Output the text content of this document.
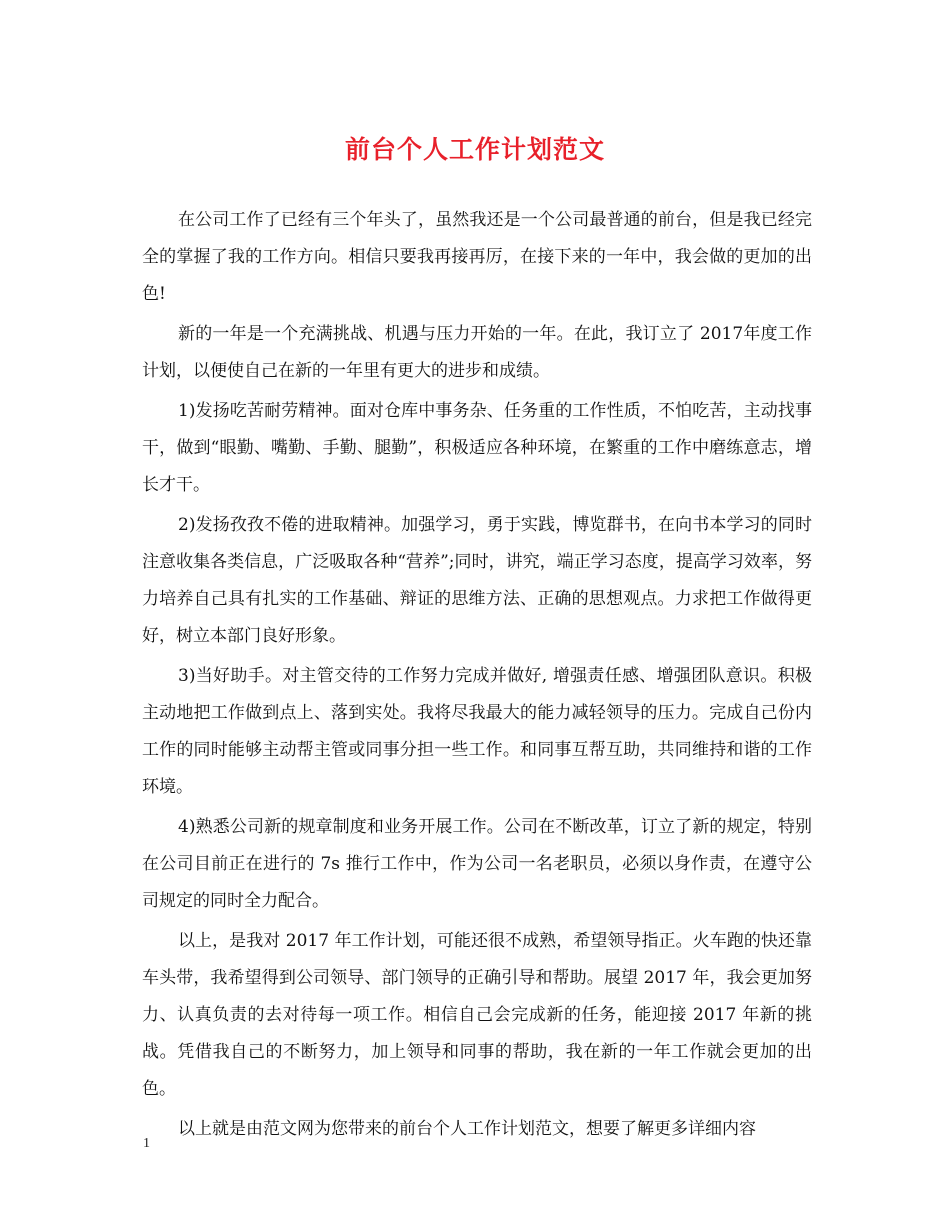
前台个人工作计划范文

在公司工作了已经有三个年头了，虽然我还是一个公司最普通的前台，但是我已经完全的掌握了我的工作方向。相信只要我再接再厉，在接下来的一年中，我会做的更加的出色!

新的一年是一个充满挑战、机遇与压力开始的一年。在此，我订立了 2017年度工作计划，以便使自己在新的一年里有更大的进步和成绩。

1)发扬吃苦耐劳精神。面对仓库中事务杂、任务重的工作性质，不怕吃苦，主动找事干，做到“眼勤、嘴勤、手勤、腿勤”，积极适应各种环境，在繁重的工作中磨练意志，增长才干。

2)发扬孜孜不倦的进取精神。加强学习，勇于实践，博览群书，在向书本学习的同时注意收集各类信息，广泛吸取各种“营养”;同时，讲究，端正学习态度，提高学习效率，努力培养自己具有扎实的工作基础、辩证的思维方法、正确的思想观点。力求把工作做得更好，树立本部门良好形象。

3)当好助手。对主管交待的工作努力完成并做好, 增强责任感、增强团队意识。积极主动地把工作做到点上、落到实处。我将尽我最大的能力减轻领导的压力。完成自己份内工作的同时能够主动帮主管或同事分担一些工作。和同事互帮互助，共同维持和谐的工作环境。

4)熟悉公司新的规章制度和业务开展工作。公司在不断改革，订立了新的规定，特别在公司目前正在进行的 7s 推行工作中，作为公司一名老职员，必须以身作责，在遵守公司规定的同时全力配合。

以上，是我对 2017 年工作计划，可能还很不成熟，希望领导指正。火车跑的快还靠车头带，我希望得到公司领导、部门领导的正确引导和帮助。展望 2017 年，我会更加努力、认真负责的去对待每一项工作。相信自己会完成新的任务，能迎接 2017 年新的挑战。凭借我自己的不断努力，加上领导和同事的帮助，我在新的一年工作就会更加的出色。

以上就是由范文网为您带来的前台个人工作计划范文，想要了解更多详细内容

1
